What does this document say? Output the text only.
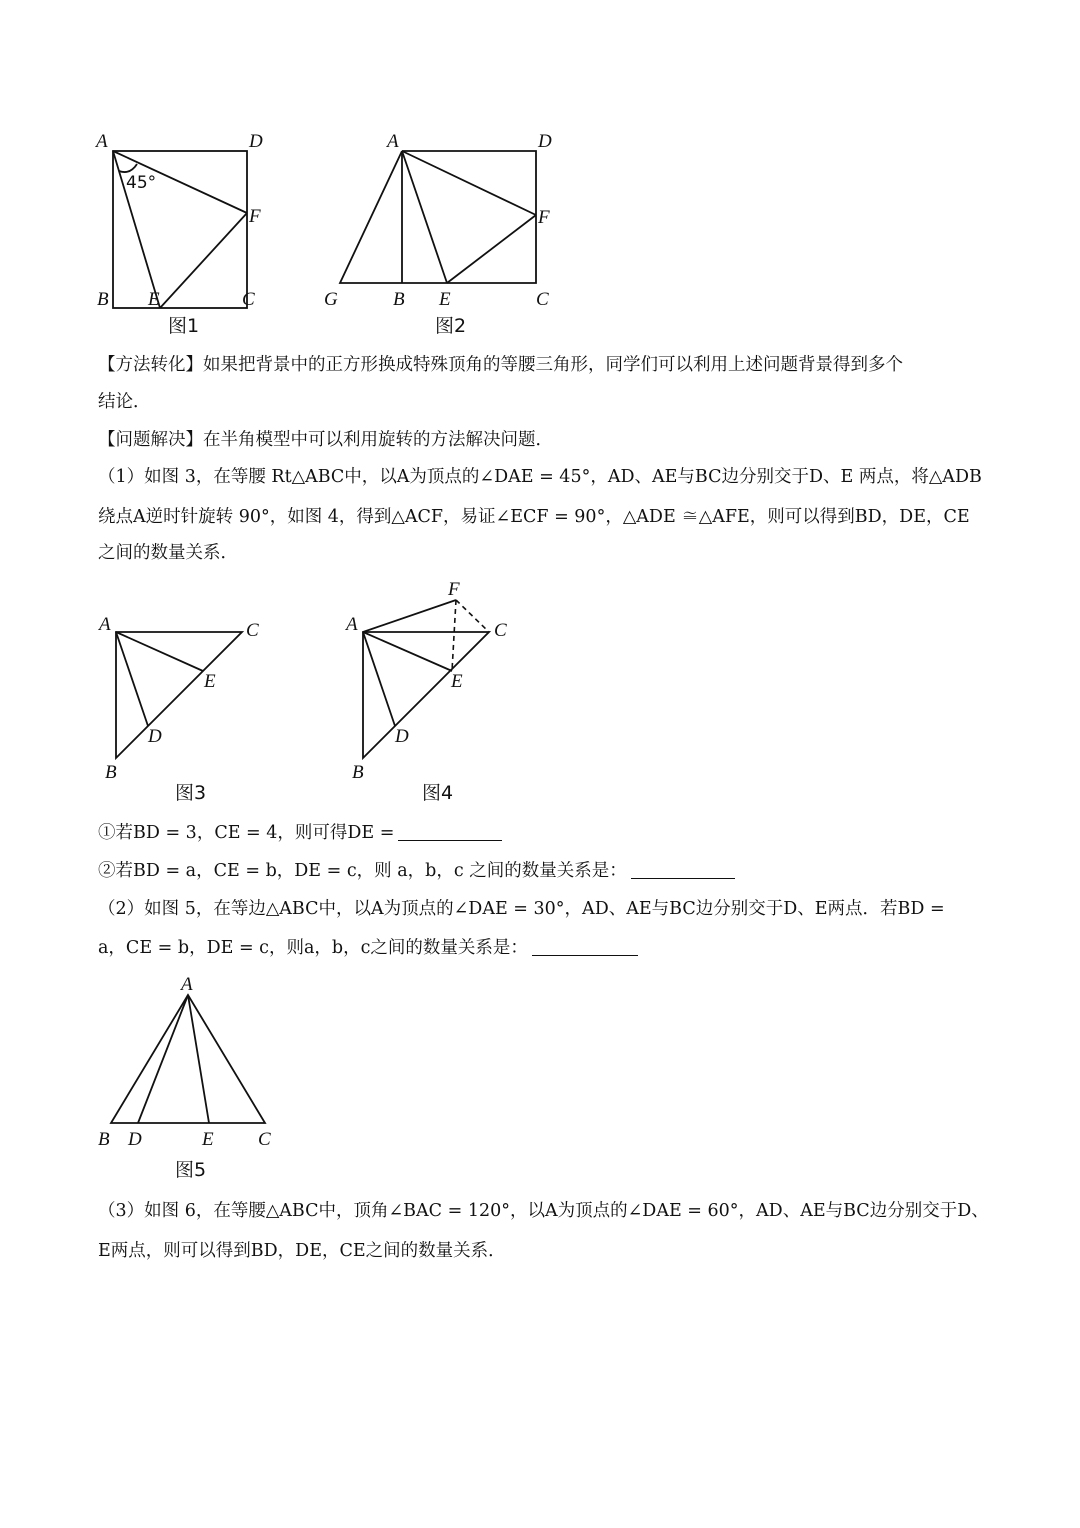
A	D
F
B E	C
45°
图1
A	D
F
G	B E	C
图2
【方法转化】如果把背景中的正方形换成特殊顶角的等腰三角形，同学们可以利用上述问题背景得到多个
结论．
【问题解决】在半角模型中可以利用旋转的方法解决问题．
（1）如图 3，在等腰 Rt△ABC中，以A为顶点的∠DAE = 45°，AD、AE与BC边分别交于D、E 两点，将△ADB
绕点A逆时针旋转 90°，如图 4，得到△ACF，易证∠ECF = 90°，△ADE ≅△AFE，则可以得到BD，DE，CE
之间的数量关系．
A	C
E
D
B
图3
A
F
C
E
D
B
图4
①若BD = 3，CE = 4，则可得DE =
②若BD = a，CE = b，DE = c，则 a，b，c 之间的数量关系是：
（2）如图 5，在等边△ABC中，以A为顶点的∠DAE = 30°，AD、AE与BC边分别交于D、E两点．若BD =
a，CE = b，DE = c，则a，b，c之间的数量关系是：
A
B D	E C
图5
（3）如图 6，在等腰△ABC中，顶角∠BAC = 120°，以A为顶点的∠DAE = 60°，AD、AE与BC边分别交于D、
E两点，则可以得到BD，DE，CE之间的数量关系．
